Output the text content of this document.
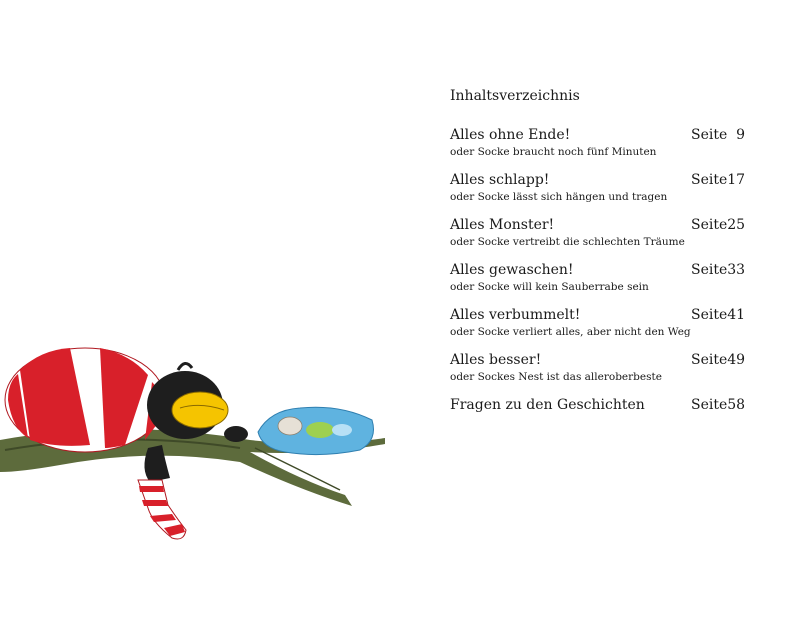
Inhaltsverzeichnis
Alles ohne Ende!
oder Socke braucht noch fünf Minuten
Seite 9
Alles schlapp!
oder Socke lässt sich hängen und tragen
Seite 17
Alles Monster!
oder Socke vertreibt die schlechten Träume
Seite 25
Alles gewaschen!
oder Socke will kein Sauberrabe sein
Seite 33
Alles verbummelt!
oder Socke verliert alles, aber nicht den Weg
Seite 41
Alles besser!
oder Sockes Nest ist das alleroberbeste
Seite 49
Fragen zu den Geschichten	Seite 58
